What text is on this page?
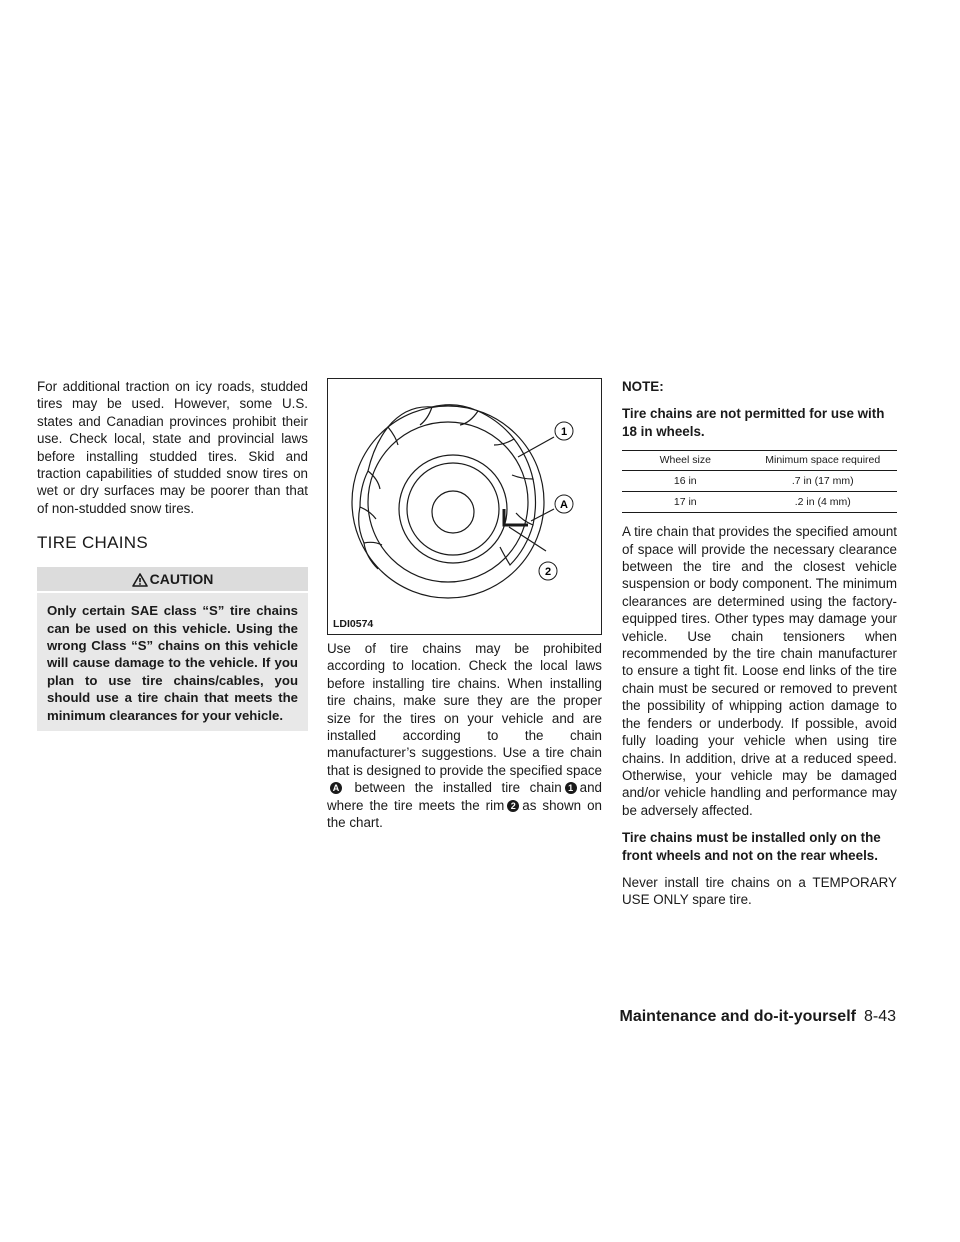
For additional traction on icy roads, studded tires may be used. However, some U.S. states and Canadian provinces prohibit their use. Check local, state and provincial laws before installing studded tires. Skid and traction capabilities of studded snow tires on wet or dry surfaces may be poorer than that of non-studded snow tires.

TIRE CHAINS
CAUTION
Only certain SAE class “S” tire chains can be used on this vehicle. Using the wrong Class “S” chains on this vehicle will cause damage to the vehicle. If you plan to use tire chains/cables, you should use a tire chain that meets the minimum clearances for your vehicle.
1
A
2
LDI0574

Use of tire chains may be prohibited according to location. Check the local laws before installing tire chains. When installing tire chains, make sure they are the proper size for the tires on your vehicle and are installed according to the chain manufacturer’s suggestions. Use a tire chain that is designed to provide the specified spaceA between the installed tire chain 1 and where the tire meets the rim 2 as shown on the chart.

NOTE:

Tire chains are not permitted for use with 18 in wheels.

Wheel size	Minimum space required
16 in	.7 in (17 mm)
17 in	.2 in (4 mm)

A tire chain that provides the specified amount of space will provide the necessary clearance between the tire and the closest vehicle suspension or body component. The minimum clearances are determined using the factory-equipped tires. Other types may damage your vehicle. Use chain tensioners when recommended by the tire chain manufacturer to ensure a tight fit. Loose end links of the tire chain must be secured or removed to prevent the possibility of whipping action damage to the fenders or underbody. If possible, avoid fully loading your vehicle when using tire chains. In addition, drive at a reduced speed. Otherwise, your vehicle may be damaged and/or vehicle handling and performance may be adversely affected.

Tire chains must be installed only on the front wheels and not on the rear wheels.

Never install tire chains on a TEMPORARY USE ONLY spare tire.

Maintenance and do-it-yourself 8-43
